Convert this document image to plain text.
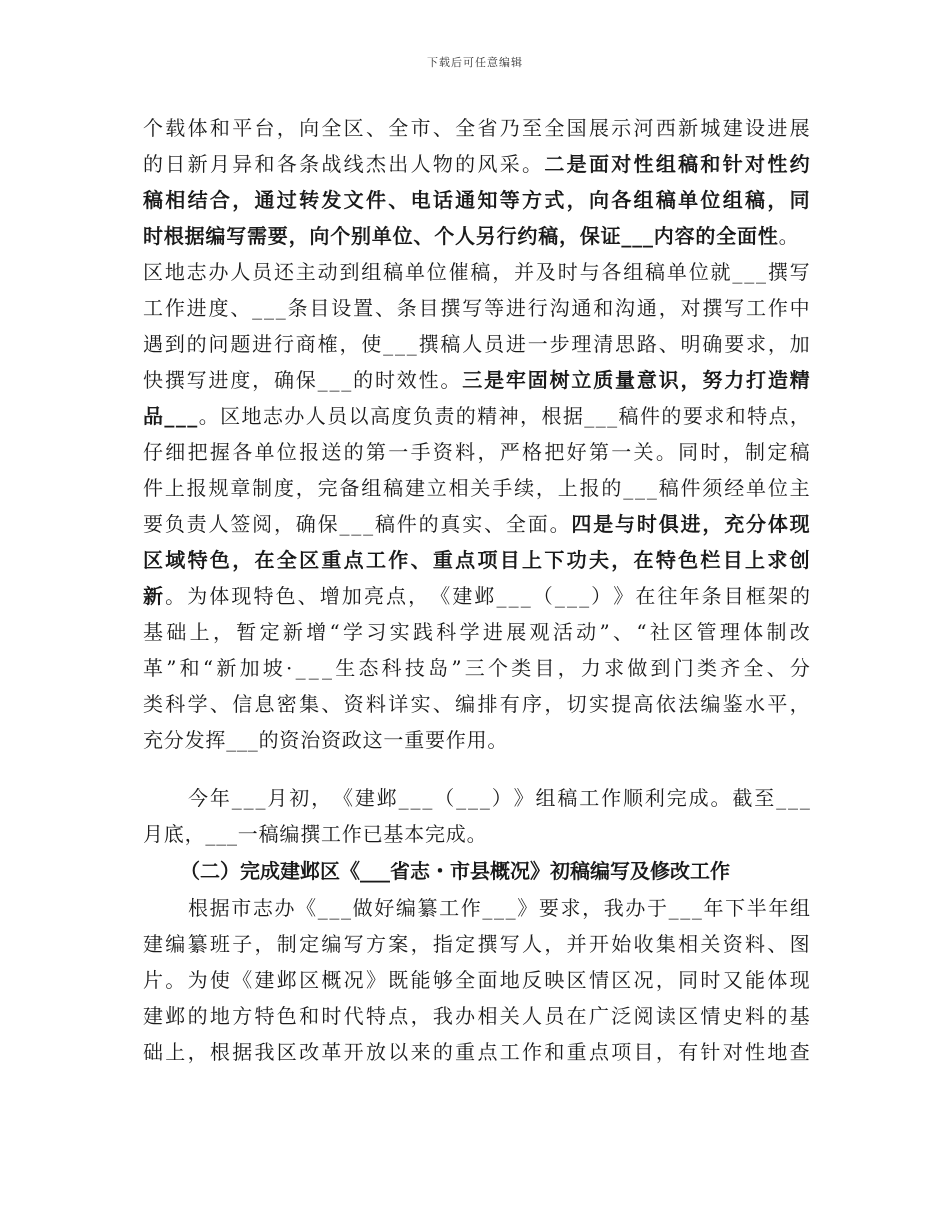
下载后可任意编辑
个 载 体 和 平 台 ， 向 全 区 、 全 市 、 全 省 乃 至 全 国 展 示 河 西 新 城 建 设 进 展
的 日 新 月 异 和 各 条 战 线 杰 出 人 物 的 风 采 。 二 是 面 对 性 组 稿 和 针 对 性 约
稿 相 结 合 ， 通 过 转 发 文 件 、 电 话 通 知 等 方 式 ， 向 各 组 稿 单 位 组 稿 ， 同
时根据编写需要，向个别单位、个人另行约稿，保证___内容的全面性。
区 地 志 办 人 员 还 主 动 到 组 稿 单 位 催 稿 ， 并 及 时 与 各 组 稿 单 位 就 _ _ _ 撰 写
工 作 进 度 、 _ _ _ 条 目 设 置 、 条 目 撰 写 等 进 行 沟 通 和 沟 通 ， 对 撰 写 工 作 中
遇 到 的 问 题 进 行 商 榷 ， 使 _ _ _ 撰 稿 人 员 进 一 步 理 清 思 路 、 明 确 要 求 ， 加
快 撰 写 进 度 ， 确 保 _ _ _ 的 时 效 性 。 三 是 牢 固 树 立 质 量 意 识 ， 努 力 打 造 精
品 _ _ _ 。 区 地 志 办 人 员 以 高 度 负 责 的 精 神 ， 根 据 _ _ _ 稿 件 的 要 求 和 特 点 ，
仔 细 把 握 各 单 位 报 送 的 第 一 手 资 料 ， 严 格 把 好 第 一 关 。 同 时 ， 制 定 稿
件 上 报 规 章 制 度 ， 完 备 组 稿 建 立 相 关 手 续 ， 上 报 的 _ _ _ 稿 件 须 经 单 位 主
要 负 责 人 签 阅 ， 确 保 _ _ _ 稿 件 的 真 实 、 全 面 。 四 是 与 时 俱 进 ， 充 分 体 现
区 域 特 色 ， 在 全 区 重 点 工 作 、 重 点 项 目 上 下 功 夫 ， 在 特 色 栏 目 上 求 创
新 。 为 体 现 特 色 、 增 加 亮 点 ， 《 建 邺 _ _ _ （ _ _ _ ） 》 在 往 年 条 目 框 架 的
基 础 上 ， 暂 定 新 增 “ 学 习 实 践 科 学 进 展 观 活 动 ” 、 “ 社 区 管 理 体 制 改
革 ” 和 “ 新 加 坡 · _ _ _ 生 态 科 技 岛 ” 三 个 类 目 ， 力 求 做 到 门 类 齐 全 、 分
类 科 学 、 信 息 密 集 、 资 料 详 实 、 编 排 有 序 ， 切 实 提 高 依 法 编 鉴 水 平 ，
充分发挥___的资治资政这一重要作用。
今 年 _ _ _ 月 初 ， 《 建 邺 _ _ _ （ _ _ _ ） 》 组 稿 工 作 顺 利 完 成 。 截 至 _ _ _
月底，___一稿编撰工作已基本完成。
根 据 市 志 办 《 _ _ _ 做 好 编 纂 工 作 _ _ _ 》 要 求 ， 我 办 于 _ _ _ 年 下 半 年 组
建 编 纂 班 子 ， 制 定 编 写 方 案 ， 指 定 撰 写 人 ， 并 开 始 收 集 相 关 资 料 、 图
片 。 为 使 《 建 邺 区 概 况 》 既 能 够 全 面 地 反 映 区 情 区 况 ， 同 时 又 能 体 现
建 邺 的 地 方 特 色 和 时 代 特 点 ， 我 办 相 关 人 员 在 广 泛 阅 读 区 情 史 料 的 基
础 上 ， 根 据 我 区 改 革 开 放 以 来 的 重 点 工 作 和 重 点 项 目 ， 有 针 对 性 地 查
（二）完成建邺区《___省志・市县概况》初稿编写及修改工作
